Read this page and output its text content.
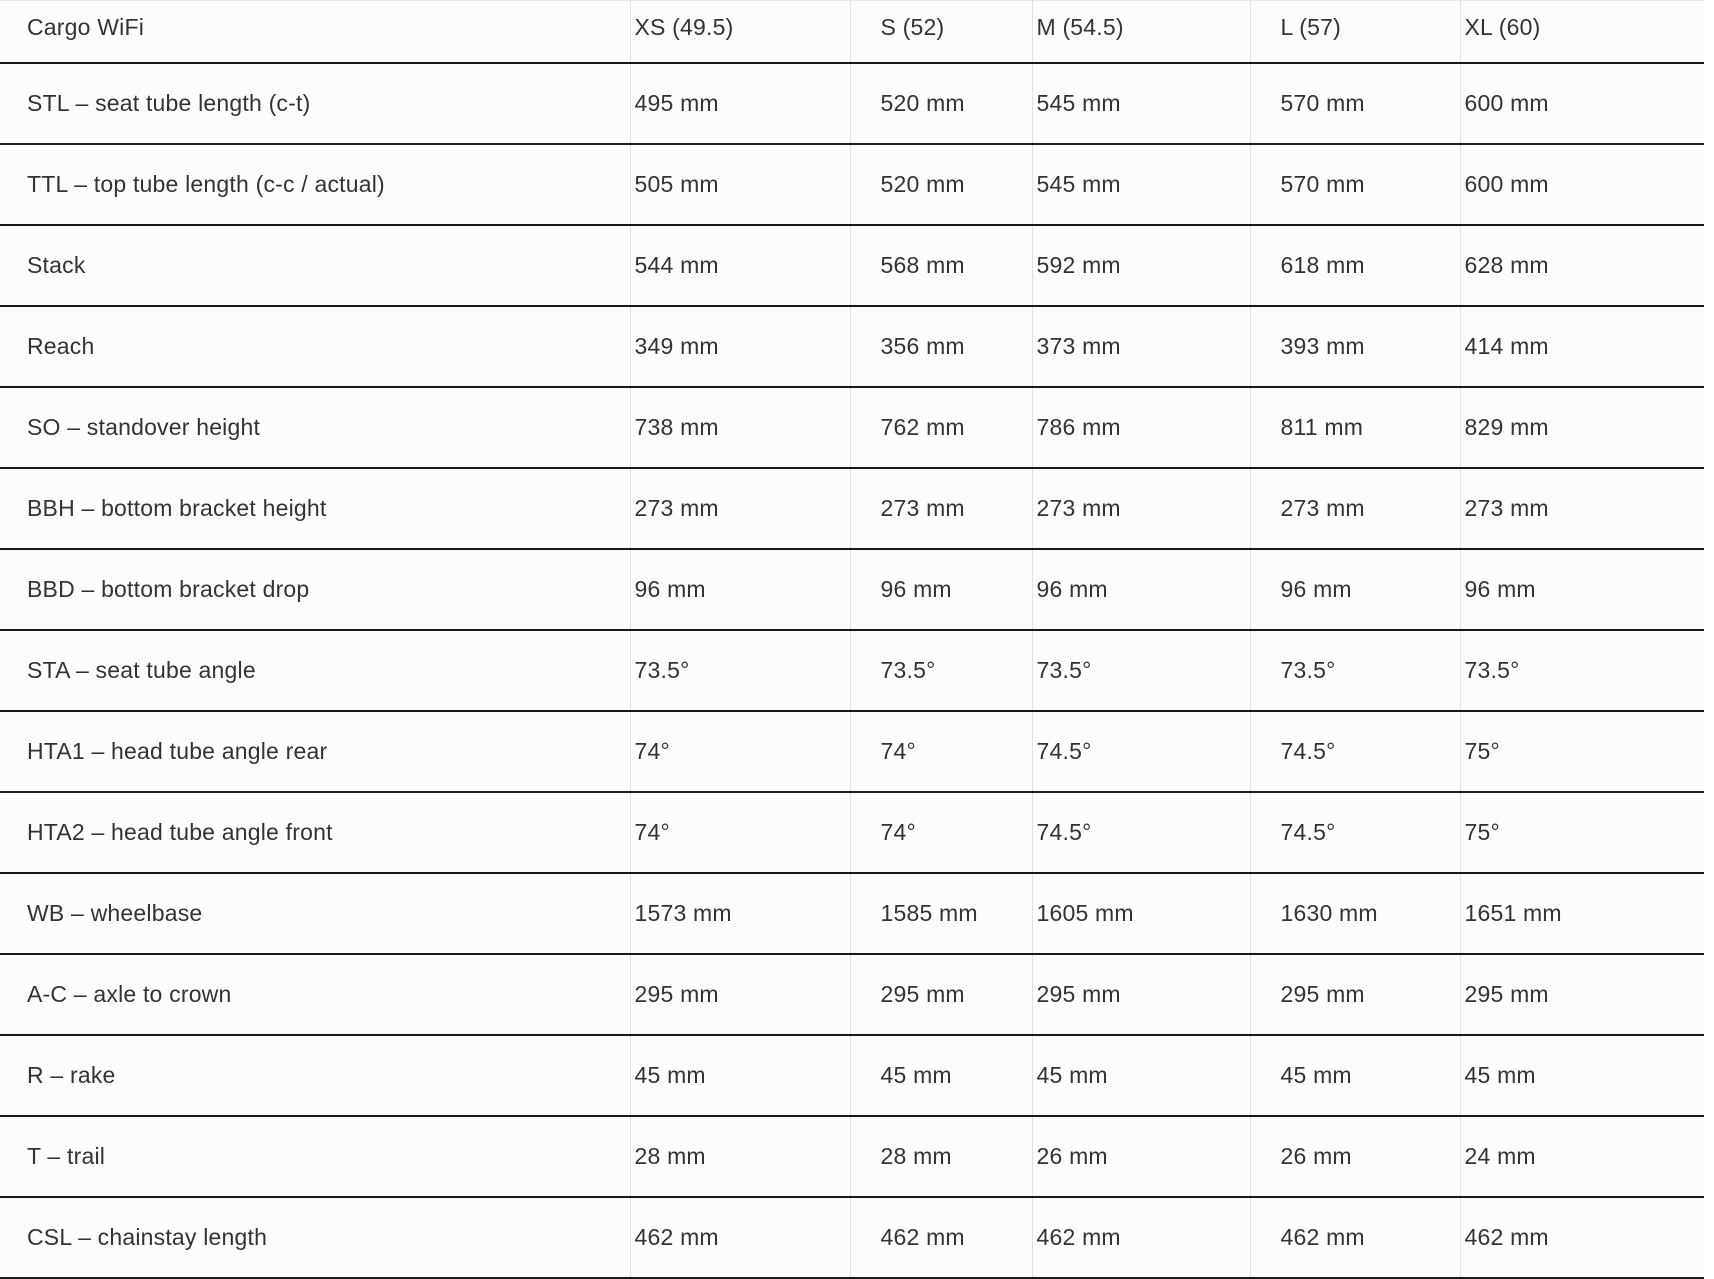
Cargo WiFi	XS (49.5)	S (52)	M (54.5)	L (57)	XL (60)
STL – seat tube length (c-t)	495 mm	520 mm	545 mm	570 mm	600 mm
TTL – top tube length (c-c / actual)	505 mm	520 mm	545 mm	570 mm	600 mm
Stack	544 mm	568 mm	592 mm	618 mm	628 mm
Reach	349 mm	356 mm	373 mm	393 mm	414 mm
SO – standover height	738 mm	762 mm	786 mm	811 mm	829 mm
BBH – bottom bracket height	273 mm	273 mm	273 mm	273 mm	273 mm
BBD – bottom bracket drop	96 mm	96 mm	96 mm	96 mm	96 mm
STA – seat tube angle	73.5°	73.5°	73.5°	73.5°	73.5°
HTA1 – head tube angle rear	74°	74°	74.5°	74.5°	75°
HTA2 – head tube angle front	74°	74°	74.5°	74.5°	75°
WB – wheelbase	1573 mm	1585 mm	1605 mm	1630 mm	1651 mm
A-C – axle to crown	295 mm	295 mm	295 mm	295 mm	295 mm
R – rake	45 mm	45 mm	45 mm	45 mm	45 mm
T – trail	28 mm	28 mm	26 mm	26 mm	24 mm
CSL – chainstay length	462 mm	462 mm	462 mm	462 mm	462 mm
